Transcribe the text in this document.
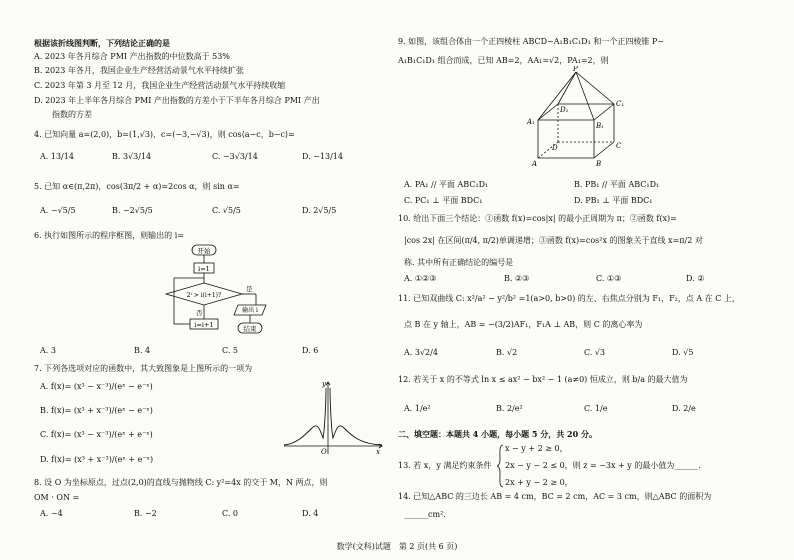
根据该折线图判断，下列结论正确的是
A. 2023 年各月综合 PMI 产出指数的中位数高于 53%
B. 2023 年各月，我国企业生产经营活动景气水平持续扩张
C. 2023 年第 3 月至 12 月，我国企业生产经营活动景气水平持续收缩
D. 2023 年上半年各月综合 PMI 产出指数的方差小于下半年各月综合 PMI 产出
指数的方差
4. 已知向量 a=(2,0)，b=(1,√3)，c=(−3,−√3)，则 cos⟨a−c，b−c⟩=
A. 13/14	B. 3√3/14	C. −3√3/14	D. −13/14
5. 已知 α∈(π,2π)，cos(3π/2 + α)=2cos α，则 sin α=
A. −√5/5	B. −2√5/5	C. √5/5	D. 2√5/5
6. 执行如图所示的程序框图，则输出的 i=
开始
i=1
2ⁱ > i(i+1)?
是
否	输出 i
结束
i=i+1
A. 3	B. 4	C. 5	D. 6
7. 下列各选项对应的函数中，其大致图象是上图所示的一项为
A. f(x)= (x³ − x⁻³)/(eˣ − e⁻ˣ)
B. f(x)= (x³ + x⁻³)/(eˣ − e⁻ˣ)
C. f(x)= (x³ − x⁻³)/(eˣ + e⁻ˣ)
D. f(x)= (x³ + x⁻³)/(eˣ + e⁻ˣ)
y
x
O
8. 设 O 为坐标原点，过点(2,0)的直线与抛物线 C: y²=4x 的交于 M，N 两点，则
OM · ON =
A. −4	B. −2	C. 0	D. 4
9. 如图，该组合体由一个正四棱柱 ABCD−A₁B₁C₁D₁ 和一个正四棱锥 P−
A₁B₁C₁D₁ 组合而成，已知 AB=2，AA₁=√2，PA₁=2，则
P
A₁	B₁
C₁
D₁
A	B
C
D
A. PA₁ // 平面 ABC₁D₁	B. PB₁ // 平面 ABC₁D₁
C. PC₁ ⊥ 平面 BDC₁	D. PB₁ ⊥ 平面 BDC₁
10. 给出下面三个结论：①函数 f(x)=cos|x| 的最小正周期为 π；②函数 f(x)=
|cos 2x| 在区间(π/4, π/2)单调递增；③函数 f(x)=cos²x 的图象关于直线 x=π/2 对
称. 其中所有正确结论的编号是
A. ①②③	B. ②③	C. ①③	D. ②
11. 已知双曲线 C: x²/a² − y²/b² =1(a>0, b>0) 的左、右焦点分别为 F₁，F₂，点 A 在 C 上，
点 B 在 y 轴上，AB = −(3/2)AF₁，F₁A ⊥ AB，则 C 的离心率为
A. 3√2/4	B. √2	C. √3	D. √5
12. 若关于 x 的不等式 ln x ≤ ax² − bx² − 1 (a≠0) 恒成立，则 b/a 的最大值为
A. 1/e²	B. 2/e²	C. 1/e	D. 2/e
二、填空题：本题共 4 小题，每小题 5 分，共 20 分。
13. 若 x，y 满足约束条件
x − y + 2 ≥ 0，
2x − y − 2 ≤ 0，则 z = −3x + y 的最小值为______.
2x + y − 2 ≥ 0，
14. 已知△ABC 的三边长 AB = 4 cm，BC = 2 cm，AC = 3 cm，则△ABC 的面积为
______cm².
数学(文科)试题　第 2 页(共 6 页)
